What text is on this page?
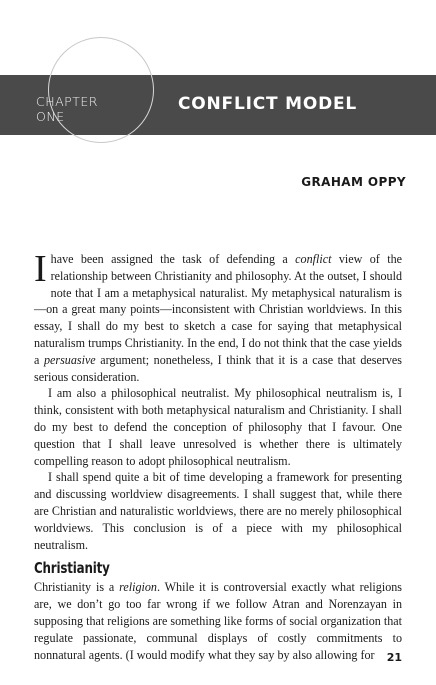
CHAPTER
ONE
CONFLICT MODEL
GRAHAM OPPY

I have been assigned the task of defending a conflict view of the relationship between Christianity and philosophy. At the outset, I should note that I am a metaphysical naturalist. My metaphysical naturalism is—on a great many points—inconsistent with Christian worldviews. In this essay, I shall do my best to sketch a case for saying that metaphysical naturalism trumps Christianity. In the end, I do not think that the case yields a persuasive argument; nonetheless, I think that it is a case that deserves serious consideration.

I am also a philosophical neutralist. My philosophical neutralism is, I think, consistent with both metaphysical naturalism and Christianity. I shall do my best to defend the conception of philosophy that I favour. One question that I shall leave unresolved is whether there is ultimately compelling reason to adopt philosophical neutralism.

I shall spend quite a bit of time developing a framework for presenting and discussing worldview disagreements. I shall suggest that, while there are Christian and naturalistic worldviews, there are no merely philosophical worldviews. This conclusion is of a piece with my philosophical neutralism.

Christianity

Christianity is a religion. While it is controversial exactly what religions are, we don’t go too far wrong if we follow Atran and Norenzayan in supposing that religions are something like forms of social organization that regulate passionate, communal displays of costly commitments to nonnatural agents. (I would modify what they say by also allowing for	21
